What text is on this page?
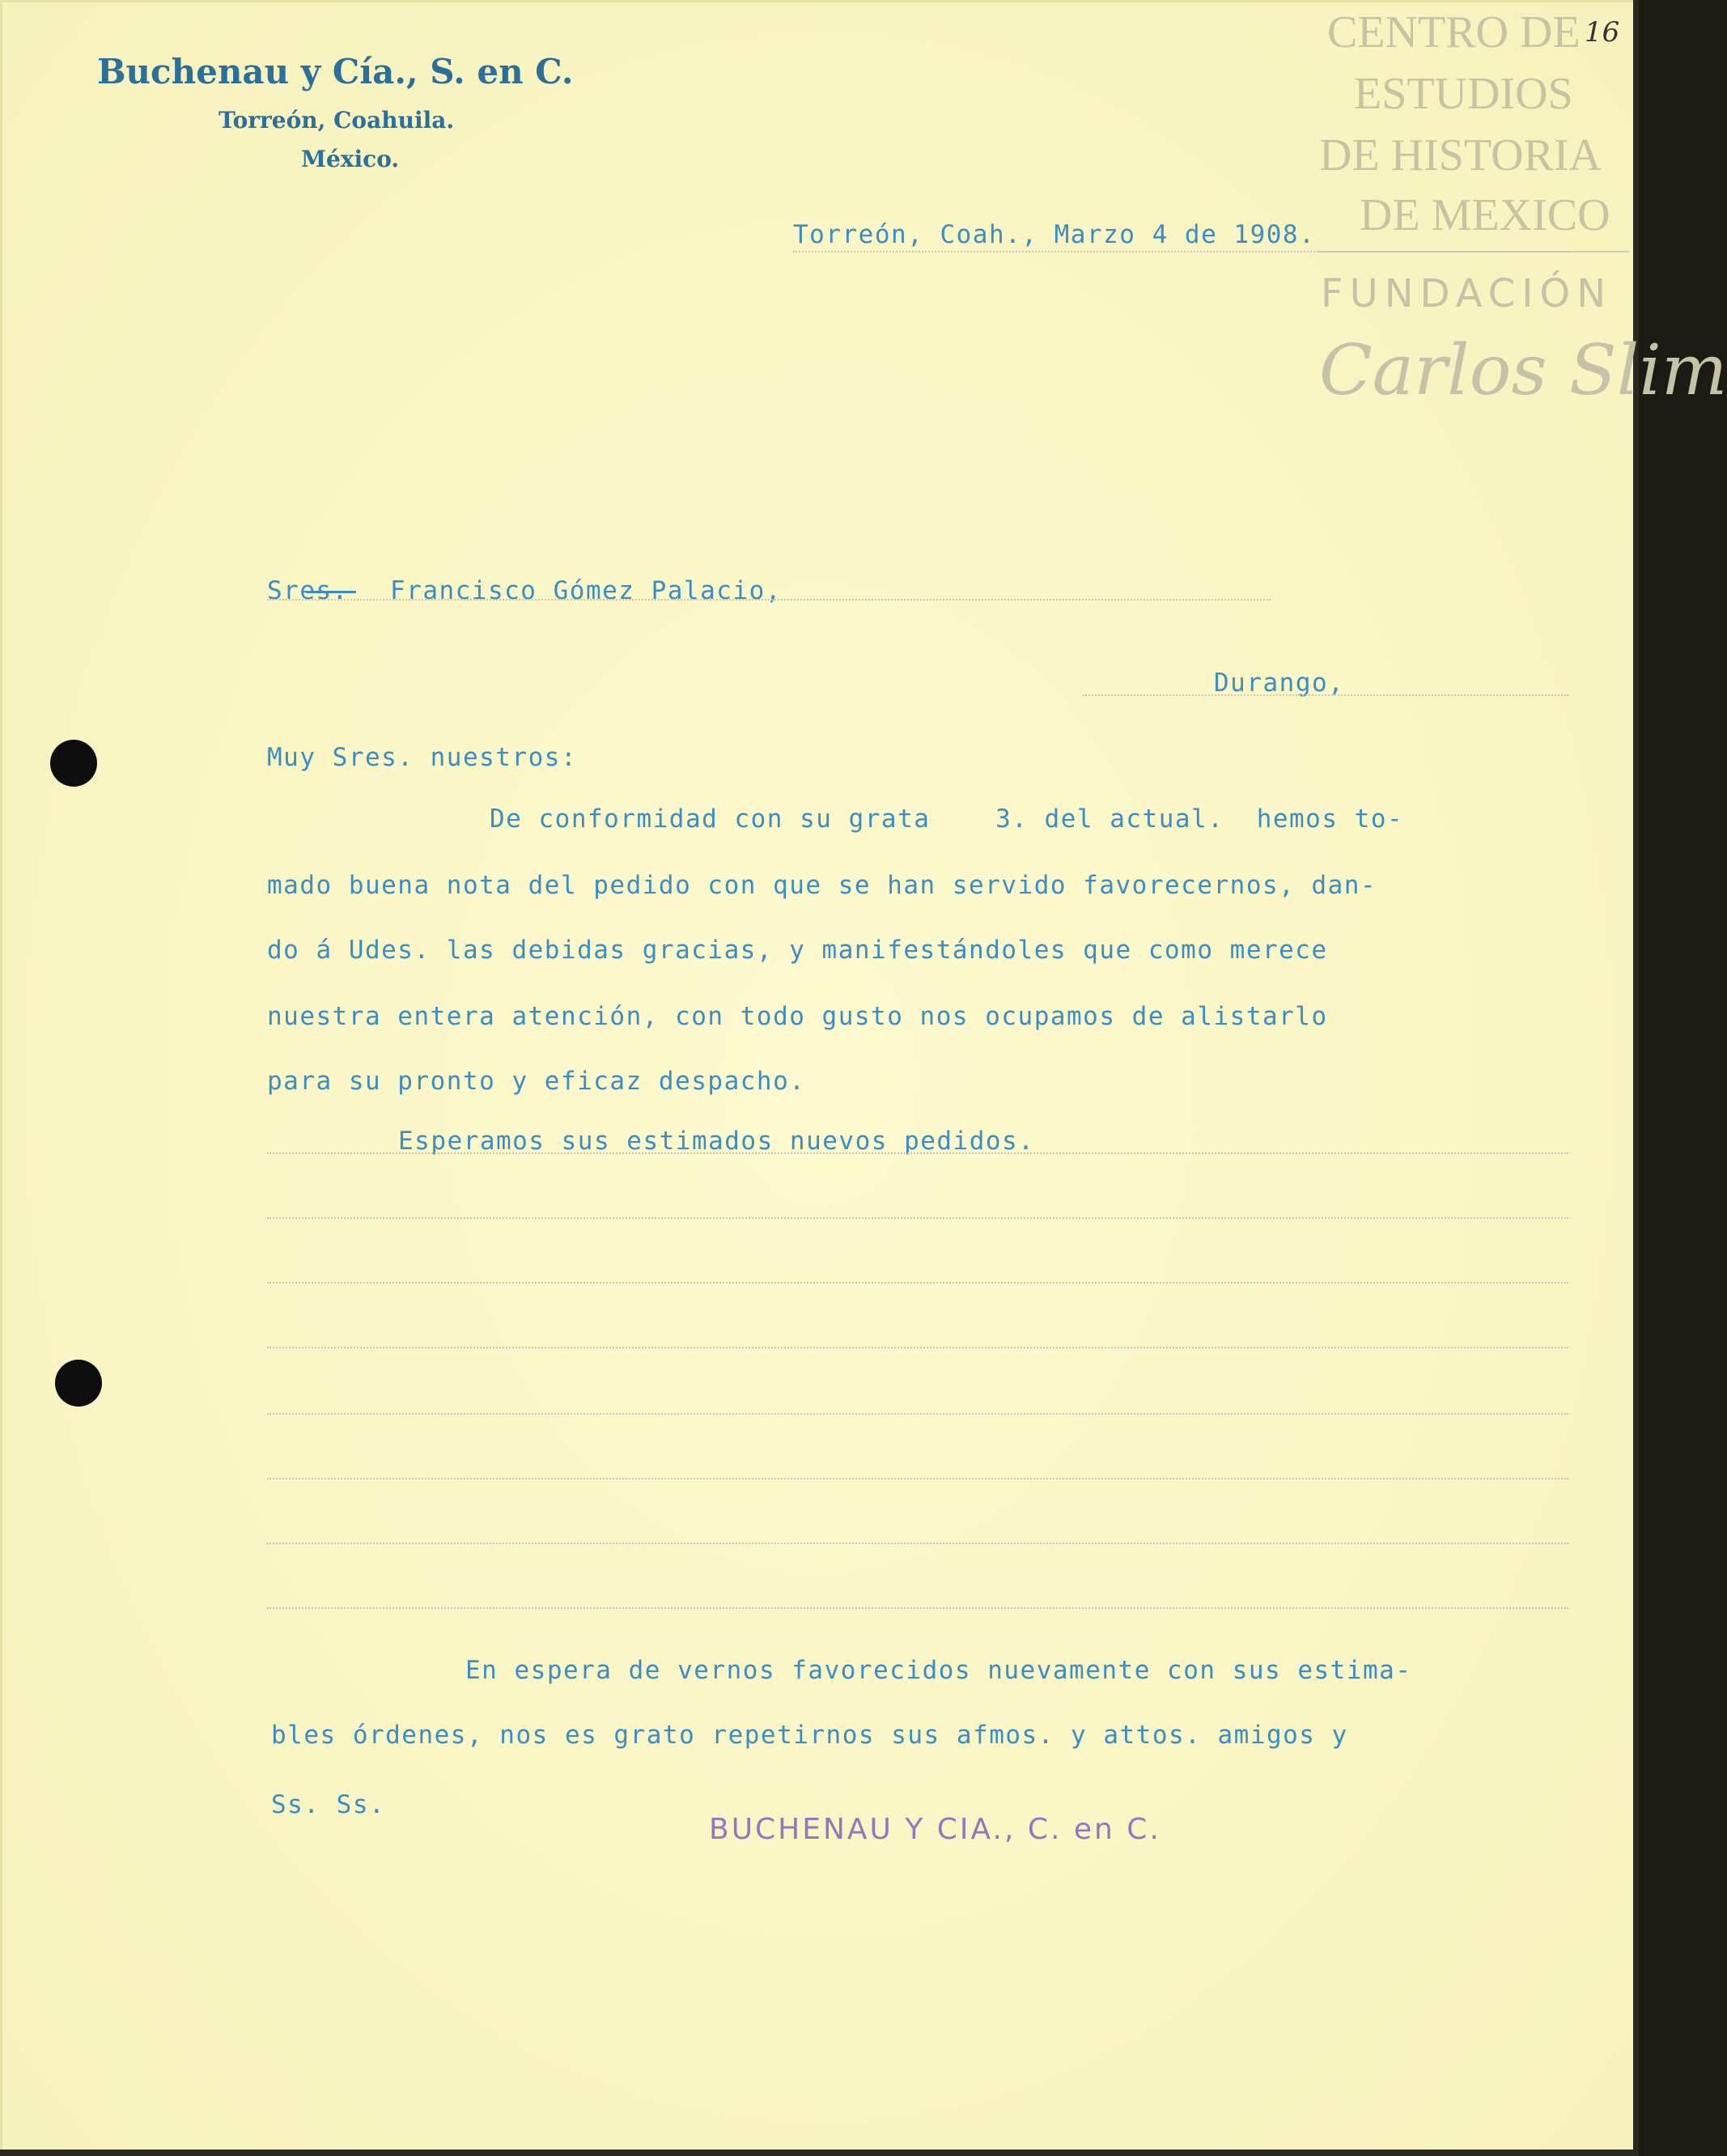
CENTRO DE
ESTUDIOS
DE HISTORIA
DE MEXICO
FUNDACIÓN
Carlos Slim
16
Buchenau y Cía., S. en C.
Torreón, Coahuila.
México.
Torreón, Coah., Marzo 4 de 1908.
Sres. Francisco Gómez Palacio,
Durango,
Muy Sres. nuestros:
De conformidad con su grata    3. del actual.  hemos to-
mado buena nota del pedido con que se han servido favorecernos, dan-
do á Udes. las debidas gracias, y manifestándoles que como merece
nuestra entera atención, con todo gusto nos ocupamos de alistarlo
para su pronto y eficaz despacho.
Esperamos sus estimados nuevos pedidos.
En espera de vernos favorecidos nuevamente con sus estima-
bles órdenes, nos es grato repetirnos sus afmos. y attos. amigos y
Ss. Ss.
BUCHENAU Y CIA., C. en C.
